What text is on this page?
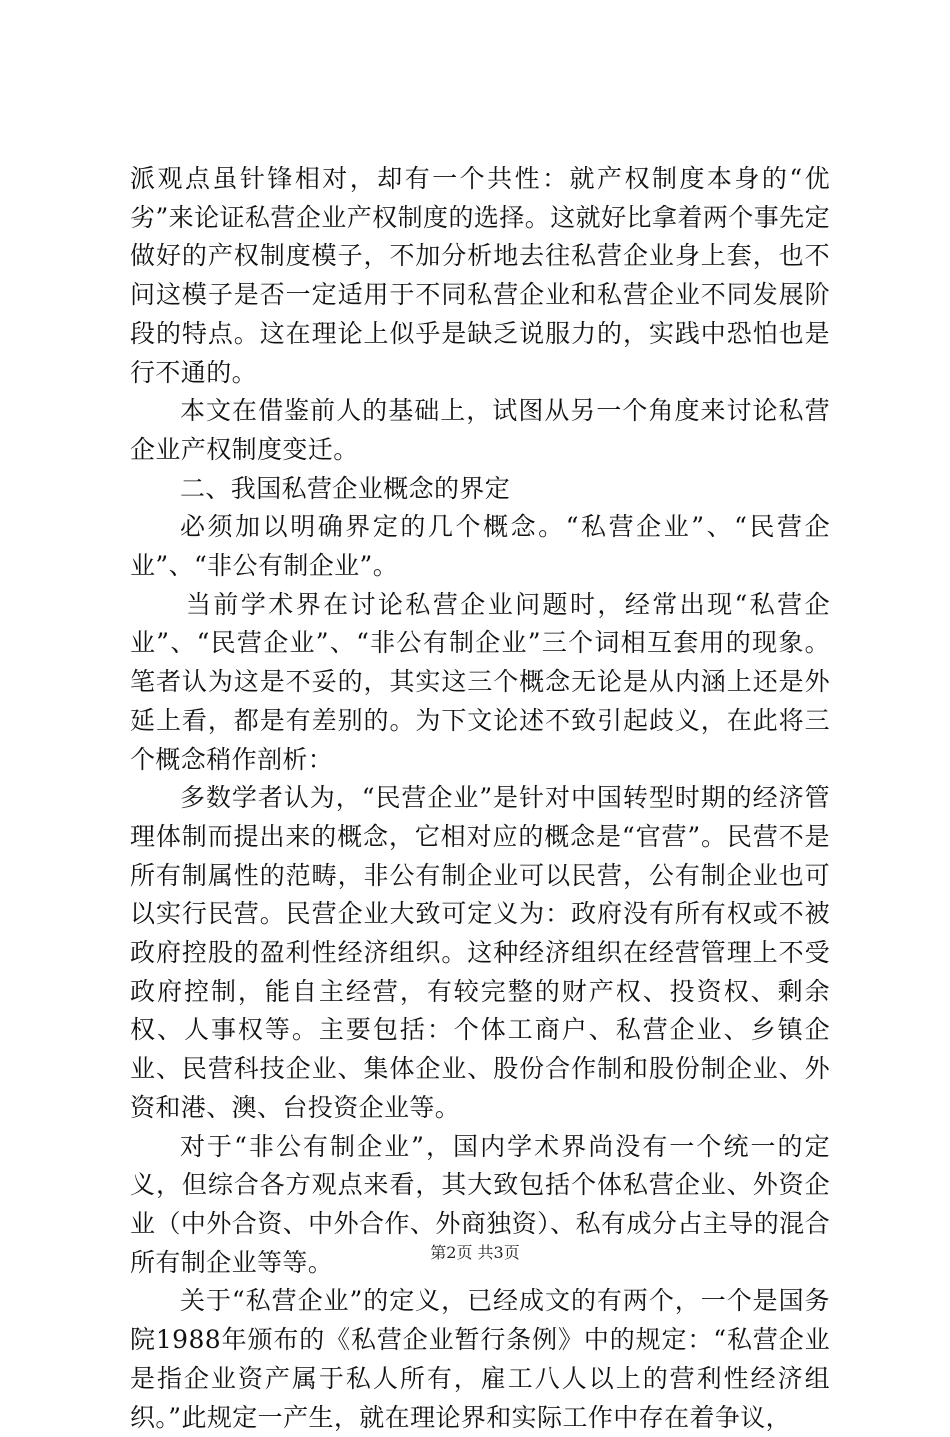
派观点虽针锋相对，却有一个共性：就产权制度本身的“优劣”来论证私营企业产权制度的选择。这就好比拿着两个事先定做好的产权制度模子，不加分析地去往私营企业身上套，也不问这模子是否一定适用于不同私营企业和私营企业不同发展阶段的特点。这在理论上似乎是缺乏说服力的，实践中恐怕也是行不通的。

本文在借鉴前人的基础上，试图从另一个角度来讨论私营企业产权制度变迁。

二、我国私营企业概念的界定

必须加以明确界定的几个概念。“私营企业”、“民营企业”、“非公有制企业”。

当前学术界在讨论私营企业问题时，经常出现“私营企业”、“民营企业”、“非公有制企业”三个词相互套用的现象。笔者认为这是不妥的，其实这三个概念无论是从内涵上还是外延上看，都是有差别的。为下文论述不致引起歧义，在此将三个概念稍作剖析：

多数学者认为，“民营企业”是针对中国转型时期的经济管理体制而提出来的概念，它相对应的概念是“官营”。民营不是所有制属性的范畴，非公有制企业可以民营，公有制企业也可以实行民营。民营企业大致可定义为：政府没有所有权或不被政府控股的盈利性经济组织。这种经济组织在经营管理上不受政府控制，能自主经营，有较完整的财产权、投资权、剩余权、人事权等。主要包括：个体工商户、私营企业、乡镇企业、民营科技企业、集体企业、股份合作制和股份制企业、外资和港、澳、台投资企业等。

对于“非公有制企业”，国内学术界尚没有一个统一的定义，但综合各方观点来看，其大致包括个体私营企业、外资企业（中外合资、中外合作、外商独资）、私有成分占主导的混合所有制企业等等。

关于“私营企业”的定义，已经成文的有两个，一个是国务院1988年颁布的《私营企业暂行条例》中的规定：“私营企业是指企业资产属于私人所有，雇工八人以上的营利性经济组织。”此规定一产生，就在理论界和实际工作中存在着争议，

第2页 共3页
